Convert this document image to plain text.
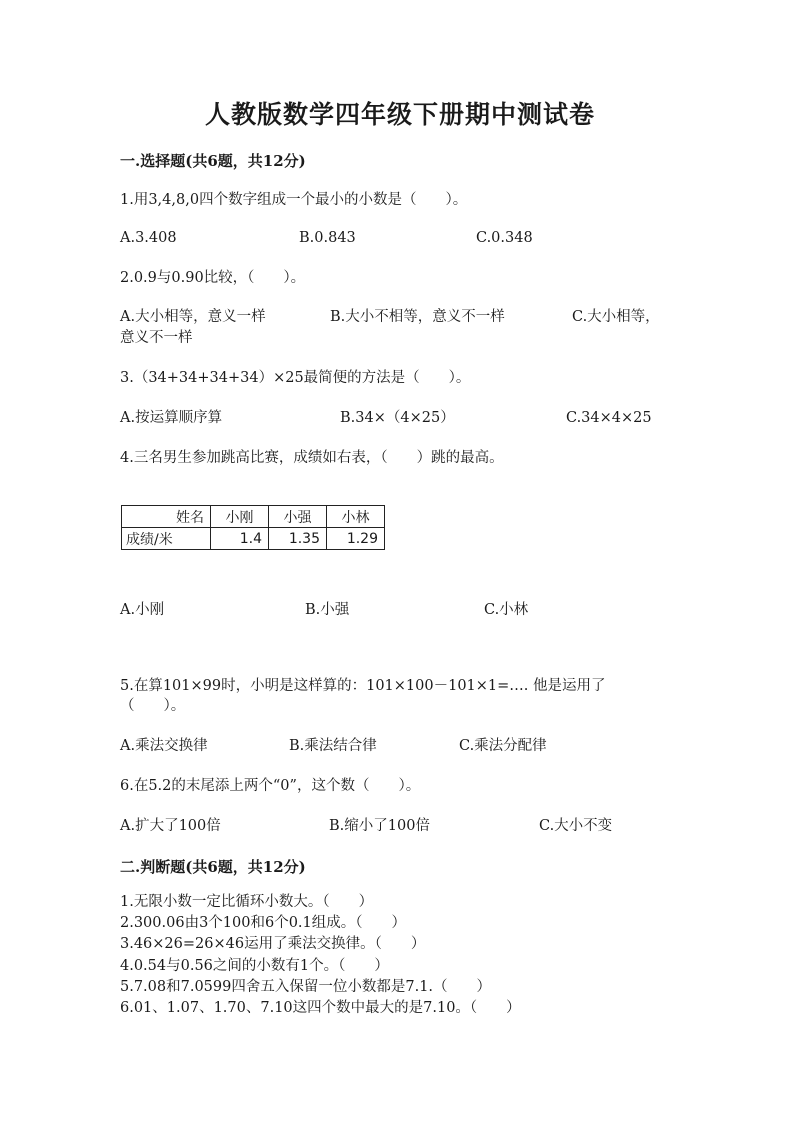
人教版数学四年级下册期中测试卷
一.选择题(共6题，共12分)
1.用3,4,8,0四个数字组成一个最小的小数是（　　）。
A.3.408	B.0.843	C.0.348
2.0.9与0.90比较，（　　）。
A.大小相等，意义一样	B.大小不相等，意义不一样	C.大小相等，
意义不一样
3.（34+34+34+34）×25最简便的方法是（　　）。
A.按运算顺序算	B.34×（4×25）	C.34×4×25
4.三名男生参加跳高比赛，成绩如右表，（　　）跳的最高。
姓名	小刚	小强	小林
成绩/米	1.4	1.35	1.29
A.小刚	B.小强	C.小林
5.在算101×99时，小明是这样算的：101×100－101×1=…. 他是运用了
（　　）。
A.乘法交换律	B.乘法结合律	C.乘法分配律
6.在5.2的末尾添上两个“0”，这个数（　　）。
A.扩大了100倍	B.缩小了100倍	C.大小不变
二.判断题(共6题，共12分)
1.无限小数一定比循环小数大。（　　）
2.300.06由3个100和6个0.1组成。（　　）
3.46×26=26×46运用了乘法交换律。（　　）
4.0.54与0.56之间的小数有1个。（　　）
5.7.08和7.0599四舍五入保留一位小数都是7.1.（　　）
6.01、1.07、1.70、7.10这四个数中最大的是7.10。（　　）
